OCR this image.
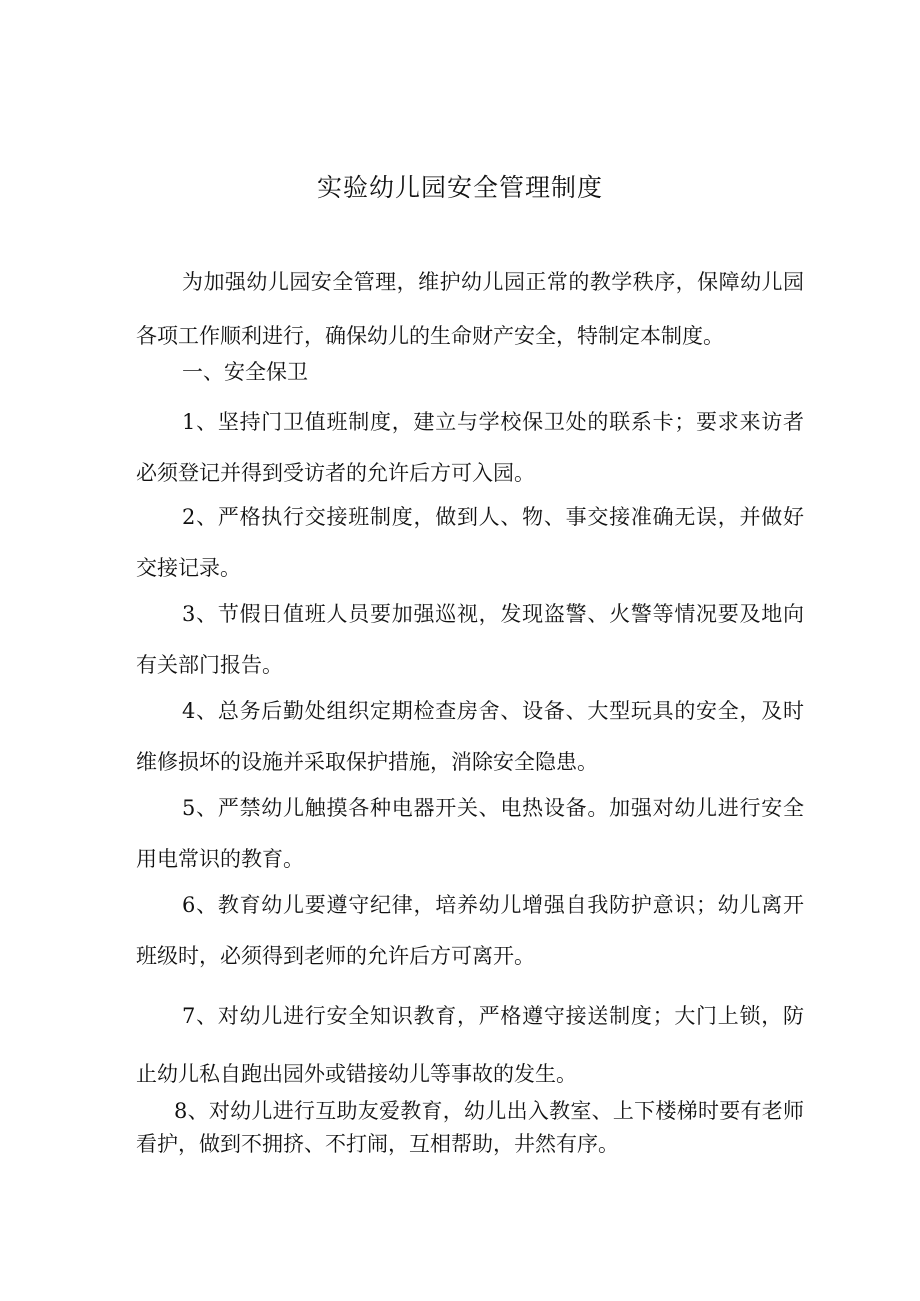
实验幼儿园安全管理制度

为加强幼儿园安全管理，维护幼儿园正常的教学秩序，保障幼儿园各项工作顺利进行，确保幼儿的生命财产安全，特制定本制度。

一、安全保卫

1、坚持门卫值班制度，建立与学校保卫处的联系卡；要求来访者必须登记并得到受访者的允许后方可入园。

2、严格执行交接班制度，做到人、物、事交接准确无误，并做好交接记录。

3、节假日值班人员要加强巡视，发现盗警、火警等情况要及地向有关部门报告。

4、总务后勤处组织定期检查房舍、设备、大型玩具的安全，及时维修损坏的设施并采取保护措施，消除安全隐患。

5、严禁幼儿触摸各种电器开关、电热设备。加强对幼儿进行安全用电常识的教育。

6、教育幼儿要遵守纪律，培养幼儿增强自我防护意识；幼儿离开班级时，必须得到老师的允许后方可离开。

7、对幼儿进行安全知识教育，严格遵守接送制度；大门上锁，防止幼儿私自跑出园外或错接幼儿等事故的发生。

8、对幼儿进行互助友爱教育，幼儿出入教室、上下楼梯时要有老师看护，做到不拥挤、不打闹，互相帮助，井然有序。
